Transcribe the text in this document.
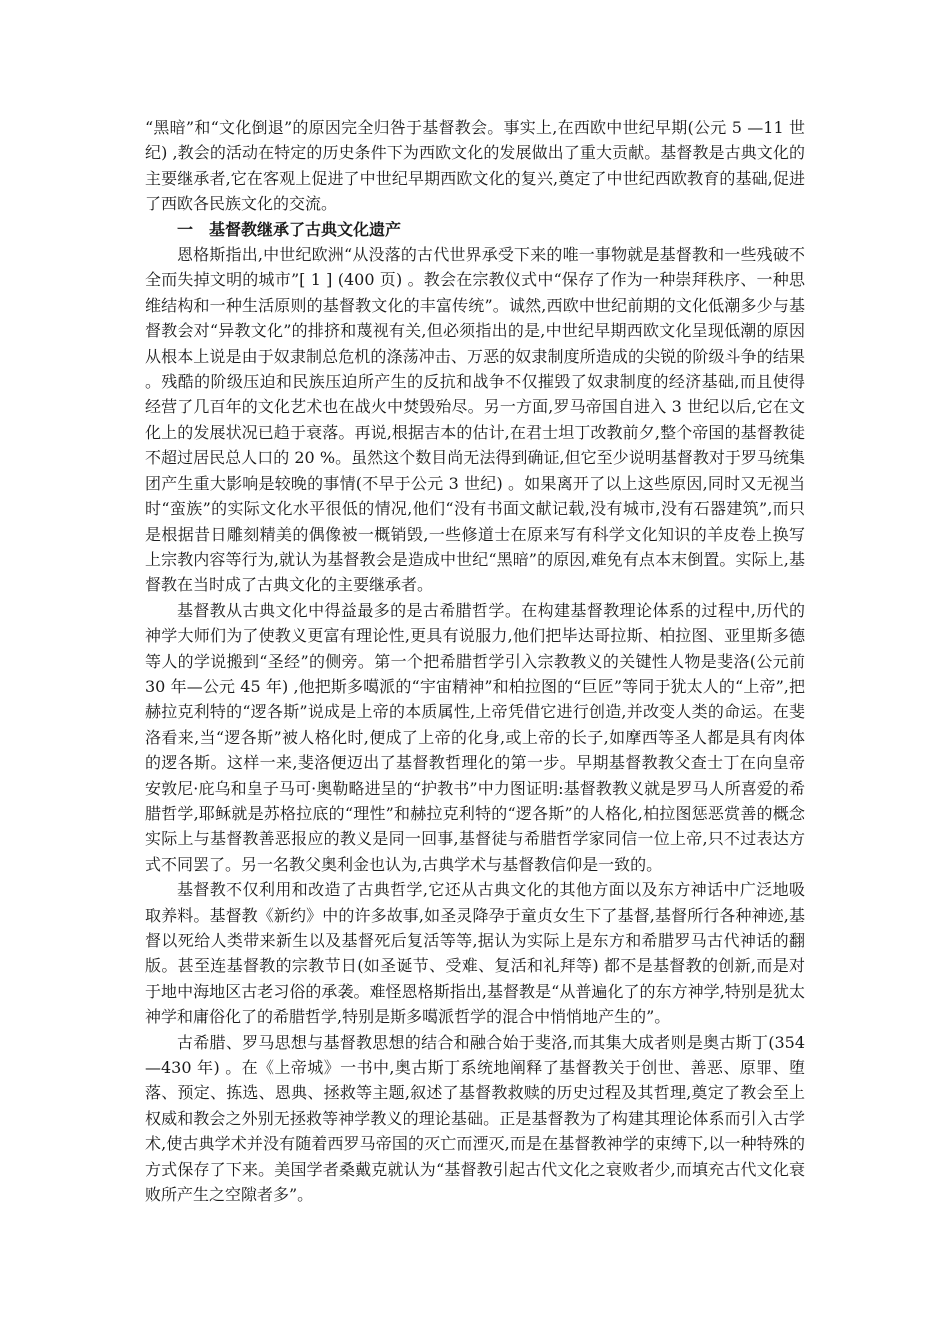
“黑暗”和“文化倒退”的原因完全归咎于基督教会。事实上,在西欧中世纪早期(公元 5 —11 世纪) ,教会的活动在特定的历史条件下为西欧文化的发展做出了重大贡献。基督教是古典文化的主要继承者,它在客观上促进了中世纪早期西欧文化的复兴,奠定了中世纪西欧教育的基础,促进了西欧各民族文化的交流。

一　基督教继承了古典文化遗产

恩格斯指出,中世纪欧洲“从没落的古代世界承受下来的唯一事物就是基督教和一些残破不全而失掉文明的城市”[ 1 ] (400 页) 。教会在宗教仪式中“保存了作为一种崇拜秩序、一种思维结构和一种生活原则的基督教文化的丰富传统”。诚然,西欧中世纪前期的文化低潮多少与基督教会对“异教文化”的排挤和蔑视有关,但必须指出的是,中世纪早期西欧文化呈现低潮的原因从根本上说是由于奴隶制总危机的涤荡冲击、万恶的奴隶制度所造成的尖锐的阶级斗争的结果。残酷的阶级压迫和民族压迫所产生的反抗和战争不仅摧毁了奴隶制度的经济基础,而且使得经营了几百年的文化艺术也在战火中焚毁殆尽。另一方面,罗马帝国自进入 3 世纪以后,它在文化上的发展状况已趋于衰落。再说,根据吉本的估计,在君士坦丁改教前夕,整个帝国的基督教徒不超过居民总人口的 20 %。虽然这个数目尚无法得到确证,但它至少说明基督教对于罗马统集团产生重大影响是较晚的事情(不早于公元 3 世纪) 。如果离开了以上这些原因,同时又无视当时“蛮族”的实际文化水平很低的情况,他们“没有书面文献记载,没有城市,没有石器建筑”,而只是根据昔日雕刻精美的偶像被一概销毁,一些修道士在原来写有科学文化知识的羊皮卷上换写上宗教内容等行为,就认为基督教会是造成中世纪“黑暗”的原因,难免有点本末倒置。实际上,基督教在当时成了古典文化的主要继承者。

基督教从古典文化中得益最多的是古希腊哲学。在构建基督教理论体系的过程中,历代的神学大师们为了使教义更富有理论性,更具有说服力,他们把毕达哥拉斯、柏拉图、亚里斯多德等人的学说搬到“圣经”的侧旁。第一个把希腊哲学引入宗教教义的关键性人物是斐洛(公元前 30 年—公元 45 年) ,他把斯多噶派的“宇宙精神”和柏拉图的“巨匠”等同于犹太人的“上帝”,把赫拉克利特的“逻各斯”说成是上帝的本质属性,上帝凭借它进行创造,并改变人类的命运。在斐洛看来,当“逻各斯”被人格化时,便成了上帝的化身,或上帝的长子,如摩西等圣人都是具有肉体的逻各斯。这样一来,斐洛便迈出了基督教哲理化的第一步。早期基督教教父查士丁在向皇帝安敦尼·庇乌和皇子马可·奥勒略进呈的“护教书”中力图证明:基督教教义就是罗马人所喜爱的希腊哲学,耶稣就是苏格拉底的“理性”和赫拉克利特的“逻各斯”的人格化,柏拉图惩恶赏善的概念实际上与基督教善恶报应的教义是同一回事,基督徒与希腊哲学家同信一位上帝,只不过表达方式不同罢了。另一名教父奥利金也认为,古典学术与基督教信仰是一致的。

基督教不仅利用和改造了古典哲学,它还从古典文化的其他方面以及东方神话中广泛地吸取养料。基督教《新约》中的许多故事,如圣灵降孕于童贞女生下了基督,基督所行各种神迹,基督以死给人类带来新生以及基督死后复活等等,据认为实际上是东方和希腊罗马古代神话的翻版。甚至连基督教的宗教节日(如圣诞节、受难、复活和礼拜等) 都不是基督教的创新,而是对于地中海地区古老习俗的承袭。难怪恩格斯指出,基督教是“从普遍化了的东方神学,特别是犹太神学和庸俗化了的希腊哲学,特别是斯多噶派哲学的混合中悄悄地产生的”。

古希腊、罗马思想与基督教思想的结合和融合始于斐洛,而其集大成者则是奥古斯丁(354 —430 年) 。在《上帝城》一书中,奥古斯丁系统地阐释了基督教关于创世、善恶、原罪、堕落、预定、拣选、恩典、拯救等主题,叙述了基督教救赎的历史过程及其哲理,奠定了教会至上权威和教会之外别无拯救等神学教义的理论基础。正是基督教为了构建其理论体系而引入古学术,使古典学术并没有随着西罗马帝国的灭亡而湮灭,而是在基督教神学的束缚下,以一种特殊的方式保存了下来。美国学者桑戴克就认为“基督教引起古代文化之衰败者少,而填充古代文化衰败所产生之空隙者多”。
